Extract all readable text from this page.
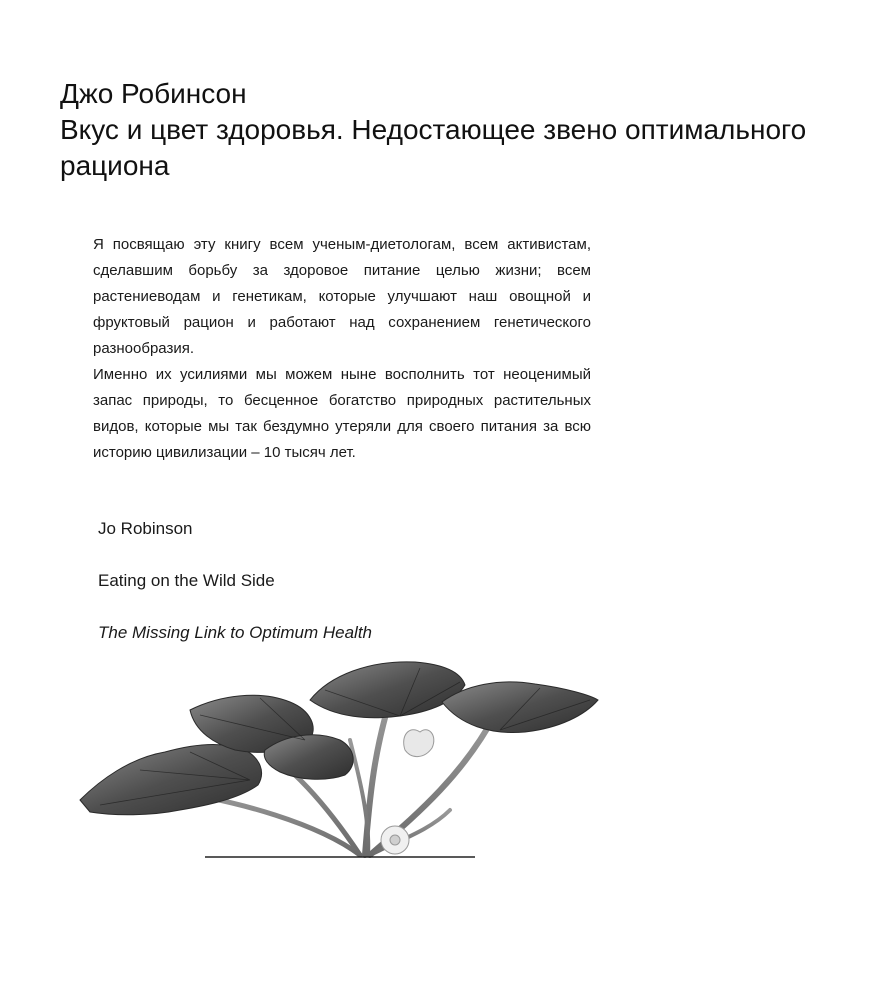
Джо Робинсон
Вкус и цвет здоровья. Недостающее звено оптимального
рациона

Я посвящаю эту книгу всем ученым-диетологам, всем активистам, сделавшим борьбу за здоровое питание целью жизни; всем растениеводам и генетикам, которые улучшают наш овощной и фруктовый рацион и работают над сохранением генетического разнообразия.

Именно их усилиями мы можем ныне восполнить тот неоценимый запас природы, то бесценное богатство природных растительных видов, которые мы так бездумно утеряли для своего питания за всю историю цивилизации – 10 тысяч лет.

Jo Robinson
Eating on the Wild Side
The Missing Link to Optimum Health
